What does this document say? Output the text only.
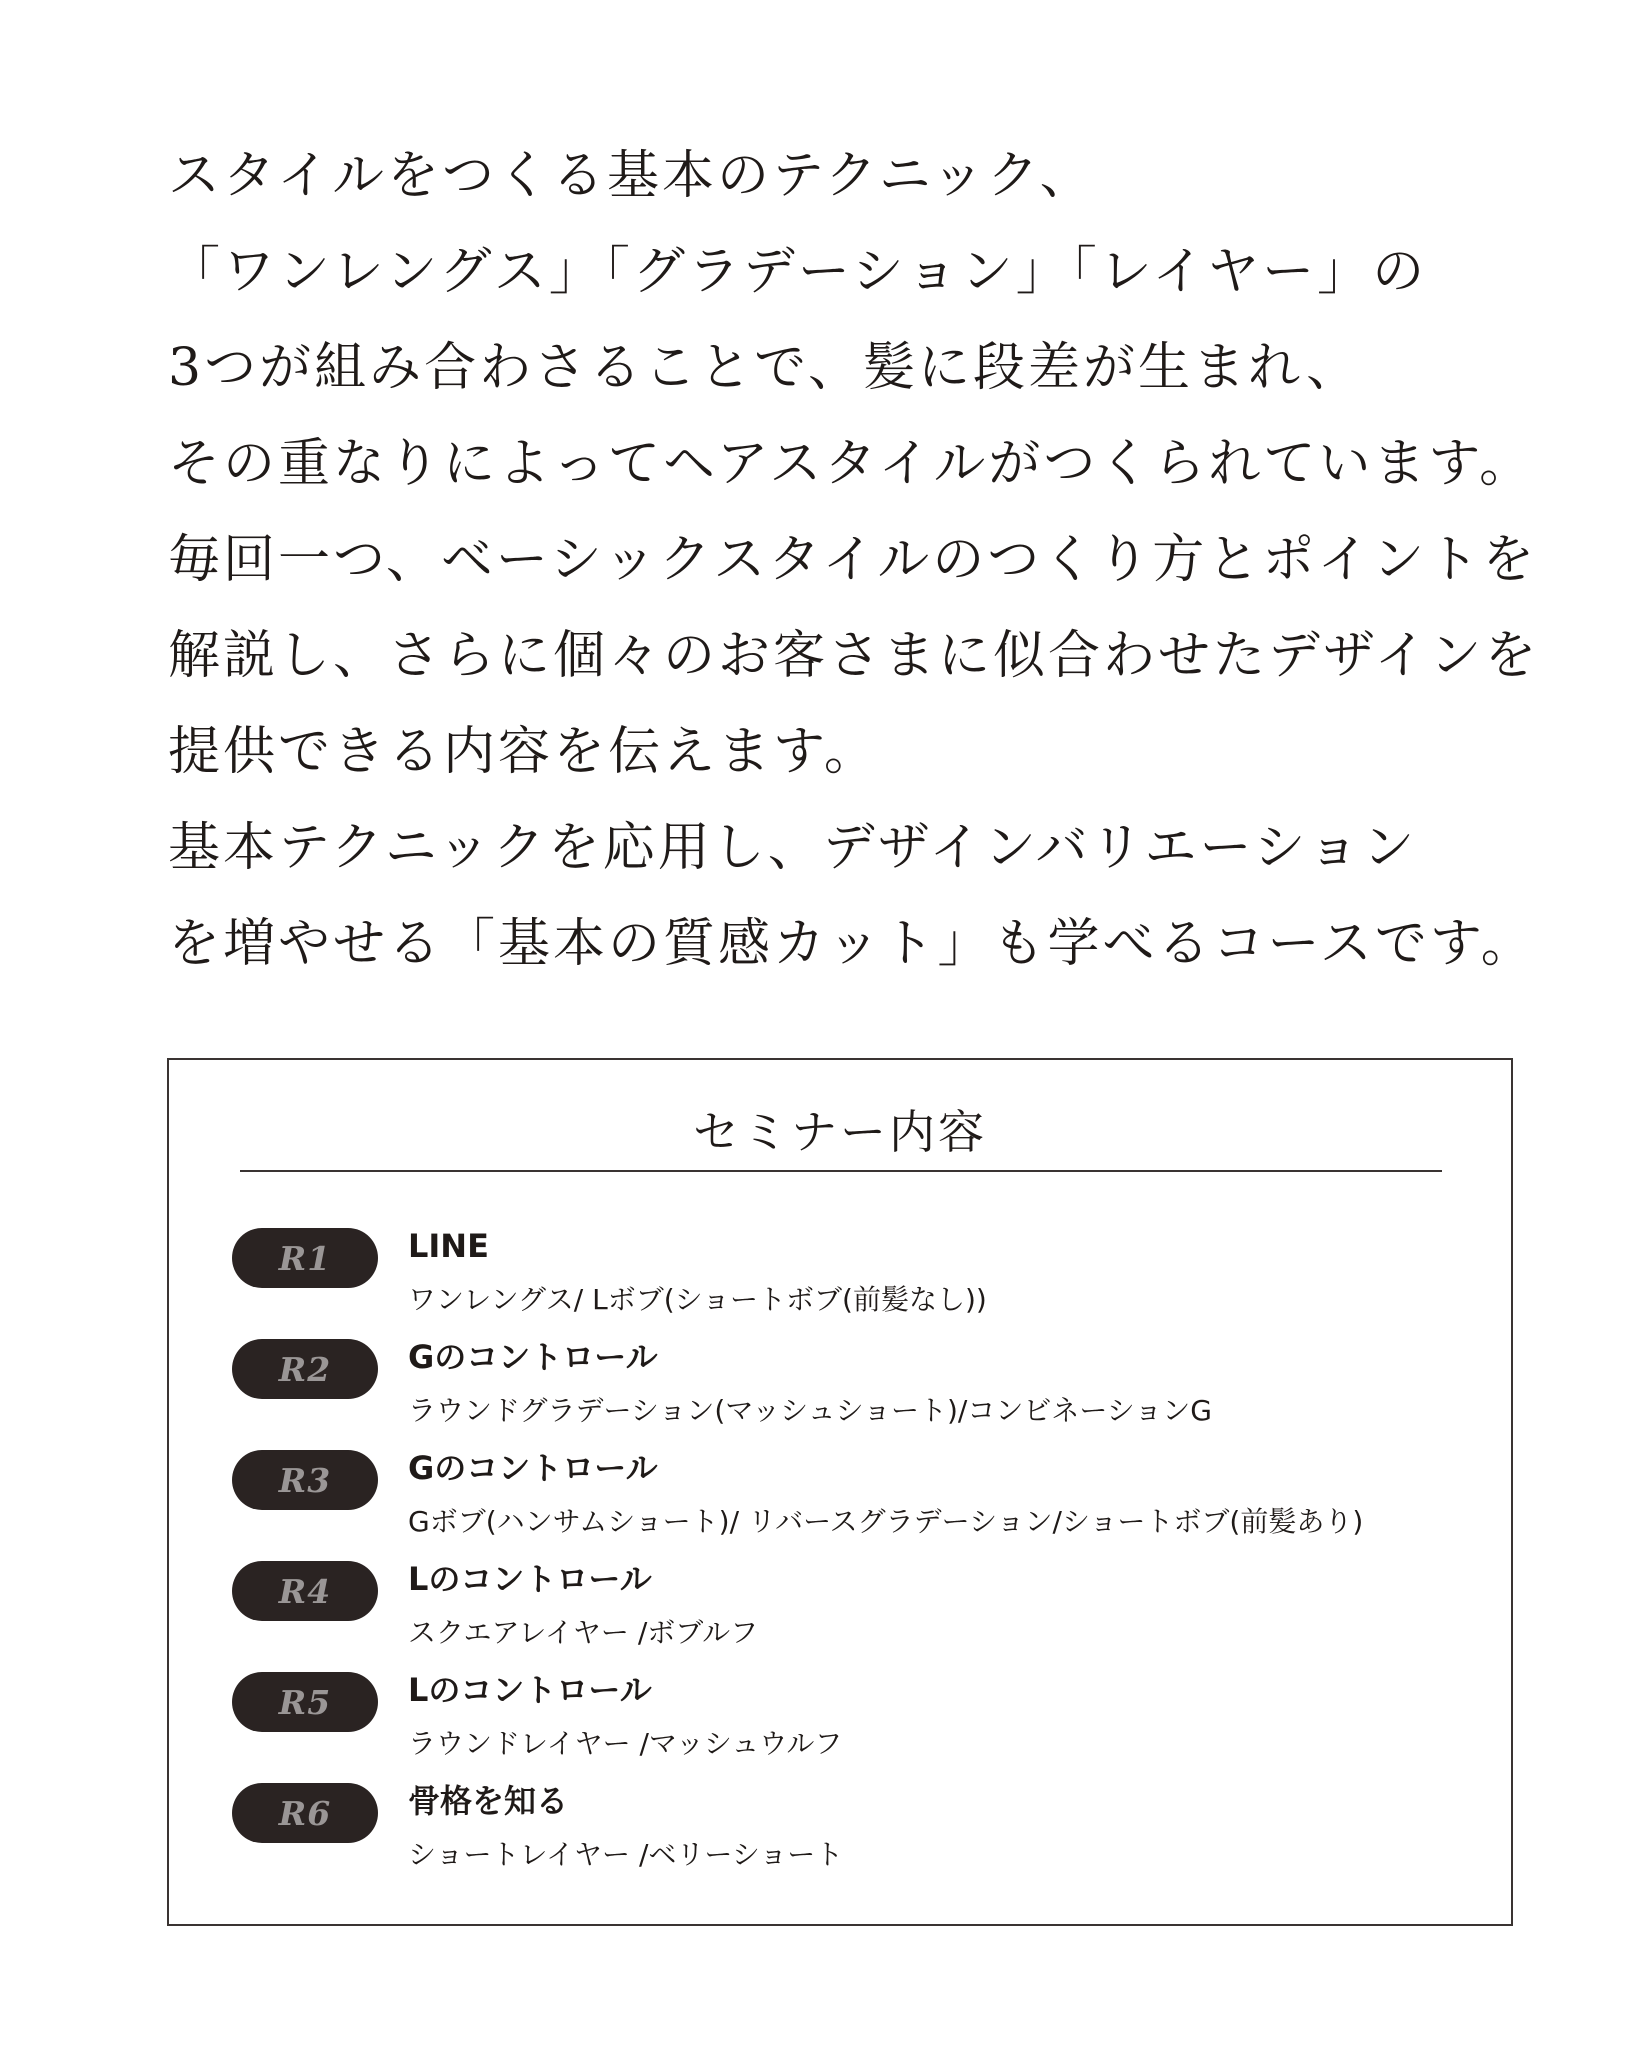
スタイルをつくる基本のテクニック、
「ワンレングス」「グラデーション」「レイヤー」の
3つが組み合わさることで、髪に段差が生まれ、
その重なりによってヘアスタイルがつくられています。
毎回一つ、ベーシックスタイルのつくり方とポイントを
解説し、さらに個々のお客さまに似合わせたデザインを
提供できる内容を伝えます。
基本テクニックを応用し、デザインバリエーション
を増やせる「基本の質感カット」も学べるコースです。
セミナー内容
R1 LINE
ワンレングス/ Lボブ(ショートボブ(前髪なし))
R2 Gのコントロール
ラウンドグラデーション(マッシュショート)/コンビネーションG
R3 Gのコントロール
Gボブ(ハンサムショート)/ リバースグラデーション/ショートボブ(前髪あり)
R4 Lのコントロール
スクエアレイヤー /ボブルフ
R5 Lのコントロール
ラウンドレイヤー /マッシュウルフ
R6 骨格を知る
ショートレイヤー /ベリーショート
